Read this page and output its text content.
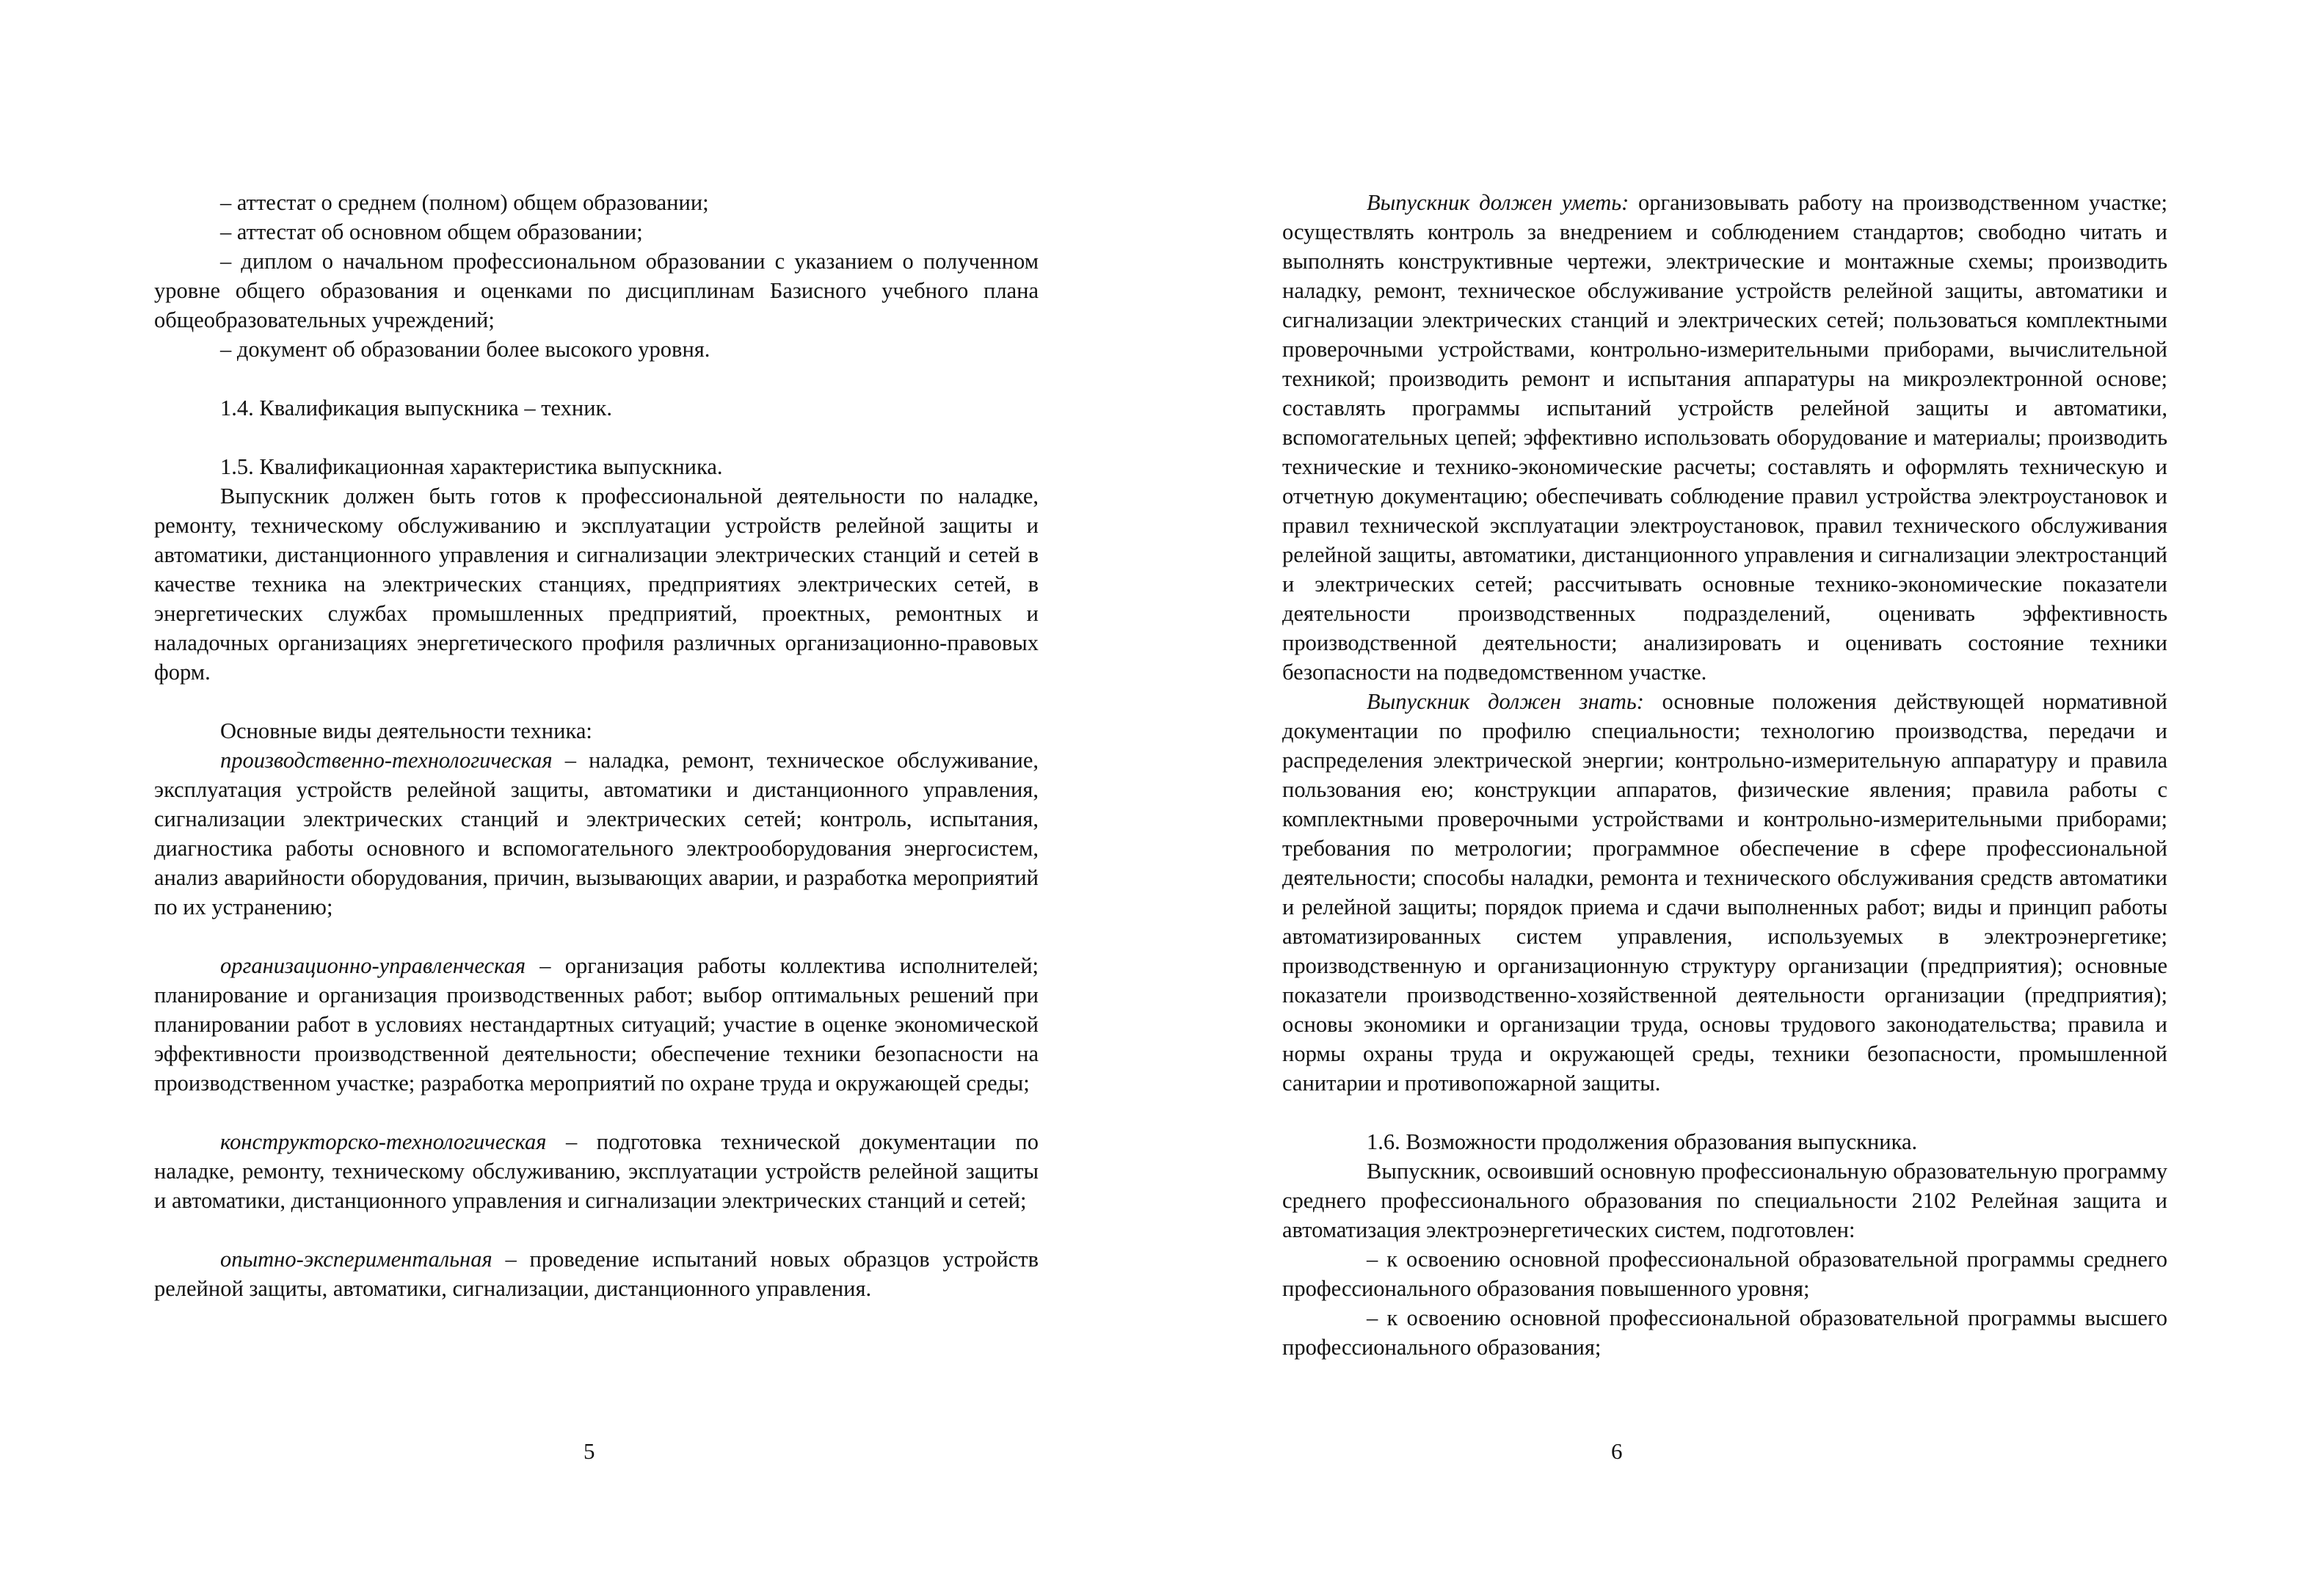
– аттестат о среднем (полном) общем образовании;

– аттестат об основном общем образовании;

– диплом о начальном профессиональном образовании с указанием о полученном уровне общего образования и оценками по дисциплинам Базисного учебного плана общеобразовательных учреждений;

– документ об образовании более высокого уровня.

1.4. Квалификация выпускника – техник.

1.5. Квалификационная характеристика выпускника.

Выпускник должен быть готов к профессиональной деятельности по наладке, ремонту, техническому обслуживанию и эксплуатации устройств релейной защиты и автоматики, дистанционного управления и сигнализации электрических станций и сетей в качестве техника на электрических станциях, предприятиях электрических сетей, в энергетических службах промышленных предприятий, проектных, ремонтных и наладочных организациях энергетического профиля различных организационно-правовых форм.

Основные виды деятельности техника:

производственно-технологическая – наладка, ремонт, техническое обслуживание, эксплуатация устройств релейной защиты, автоматики и дистанционного управления, сигнализации электрических станций и электрических сетей; контроль, испытания, диагностика работы основного и вспомогательного электрооборудования энергосистем, анализ аварийности оборудования, причин, вызывающих аварии, и разработка мероприятий по их устранению;

организационно-управленческая – организация работы коллектива исполнителей; планирование и организация производственных работ; выбор оптимальных решений при планировании работ в условиях нестандартных ситуаций; участие в оценке экономической эффективности производственной деятельности; обеспечение техники безопасности на производственном участке; разработка мероприятий по охране труда и окружающей среды;

конструкторско-технологическая – подготовка технической документации по наладке, ремонту, техническому обслуживанию, эксплуатации устройств релейной защиты и автоматики, дистанционного управления и сигнализации электрических станций и сетей;

опытно-экспериментальная – проведение испытаний новых образцов устройств релейной защиты, автоматики, сигнализации, дистанционного управления.

5

Выпускник должен уметь: организовывать работу на производственном участке; осуществлять контроль за внедрением и соблюдением стандартов; свободно читать и выполнять конструктивные чертежи, электрические и монтажные схемы; производить наладку, ремонт, техническое обслуживание устройств релейной защиты, автоматики и сигнализации электрических станций и электрических сетей; пользоваться комплектными проверочными устройствами, контрольно-измерительными приборами, вычислительной техникой; производить ремонт и испытания аппаратуры на микроэлектронной основе; составлять программы испытаний устройств релейной защиты и автоматики, вспомогательных цепей; эффективно использовать оборудование и материалы; производить технические и технико-экономические расчеты; составлять и оформлять техническую и отчетную документацию; обеспечивать соблюдение правил устройства электроустановок и правил технической эксплуатации электроустановок, правил технического обслуживания релейной защиты, автоматики, дистанционного управления и сигнализации электростанций и электрических сетей; рассчитывать основные технико-экономические показатели деятельности производственных подразделений, оценивать эффективность производственной деятельности; анализировать и оценивать состояние техники безопасности на подведомственном участке.

Выпускник должен знать: основные положения действующей нормативной документации по профилю специальности; технологию производства, передачи и распределения электрической энергии; контрольно-измерительную аппаратуру и правила пользования ею; конструкции аппаратов, физические явления; правила работы с комплектными проверочными устройствами и контрольно-измерительными приборами; требования по метрологии; программное обеспечение в сфере профессиональной деятельности; способы наладки, ремонта и технического обслуживания средств автоматики и релейной защиты; порядок приема и сдачи выполненных работ; виды и принцип работы автоматизированных систем управления, используемых в электроэнергетике; производственную и организационную структуру организации (предприятия); основные показатели производственно-хозяйственной деятельности организации (предприятия); основы экономики и организации труда, основы трудового законодательства; правила и нормы охраны труда и окружающей среды, техники безопасности, промышленной санитарии и противопожарной защиты.

1.6. Возможности продолжения образования выпускника.

Выпускник, освоивший основную профессиональную образовательную программу среднего профессионального образования по специальности 2102 Релейная защита и автоматизация электроэнергетических систем, подготовлен:

– к освоению основной профессиональной образовательной программы среднего профессионального образования повышенного уровня;

– к освоению основной профессиональной образовательной программы высшего профессионального образования;

6
